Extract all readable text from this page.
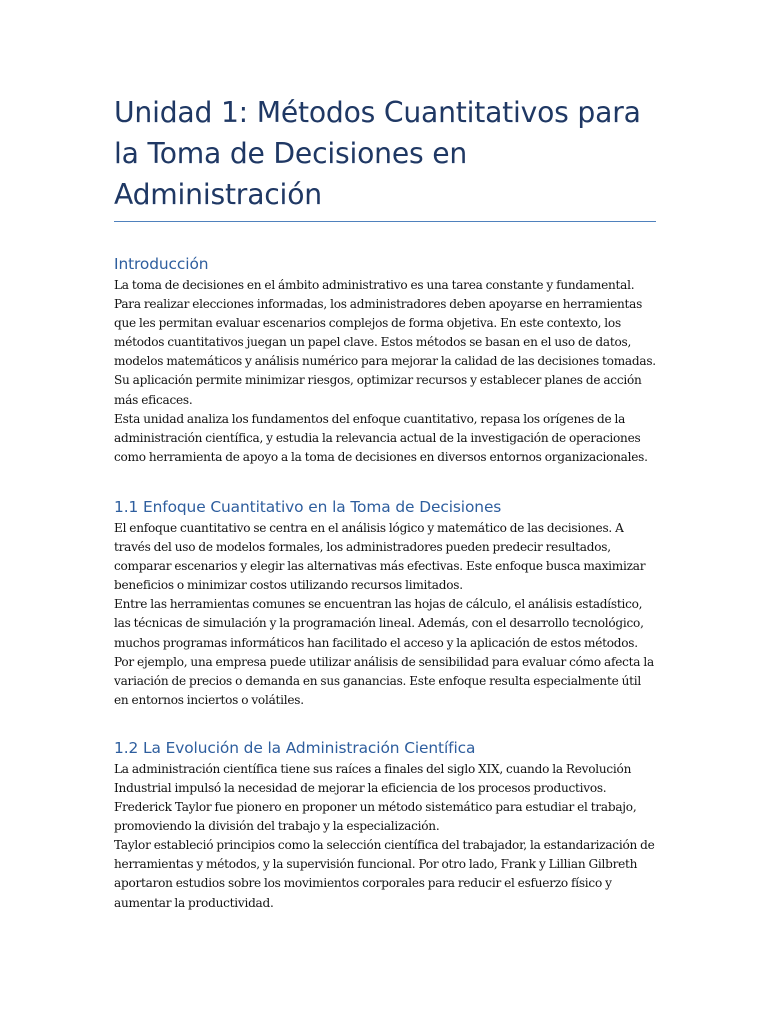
Unidad 1: Métodos Cuantitativos para la Toma de Decisiones en Administración
Introducción

La toma de decisiones en el ámbito administrativo es una tarea constante y fundamental. Para realizar elecciones informadas, los administradores deben apoyarse en herramientas que les permitan evaluar escenarios complejos de forma objetiva. En este contexto, los métodos cuantitativos juegan un papel clave. Estos métodos se basan en el uso de datos, modelos matemáticos y análisis numérico para mejorar la calidad de las decisiones tomadas. Su aplicación permite minimizar riesgos, optimizar recursos y establecer planes de acción más eficaces.

Esta unidad analiza los fundamentos del enfoque cuantitativo, repasa los orígenes de la administración científica, y estudia la relevancia actual de la investigación de operaciones como herramienta de apoyo a la toma de decisiones en diversos entornos organizacionales.

1.1 Enfoque Cuantitativo en la Toma de Decisiones

El enfoque cuantitativo se centra en el análisis lógico y matemático de las decisiones. A través del uso de modelos formales, los administradores pueden predecir resultados, comparar escenarios y elegir las alternativas más efectivas. Este enfoque busca maximizar beneficios o minimizar costos utilizando recursos limitados.

Entre las herramientas comunes se encuentran las hojas de cálculo, el análisis estadístico, las técnicas de simulación y la programación lineal. Además, con el desarrollo tecnológico, muchos programas informáticos han facilitado el acceso y la aplicación de estos métodos. Por ejemplo, una empresa puede utilizar análisis de sensibilidad para evaluar cómo afecta la variación de precios o demanda en sus ganancias. Este enfoque resulta especialmente útil en entornos inciertos o volátiles.

1.2 La Evolución de la Administración Científica

La administración científica tiene sus raíces a finales del siglo XIX, cuando la Revolución Industrial impulsó la necesidad de mejorar la eficiencia de los procesos productivos. Frederick Taylor fue pionero en proponer un método sistemático para estudiar el trabajo, promoviendo la división del trabajo y la especialización.

Taylor estableció principios como la selección científica del trabajador, la estandarización de herramientas y métodos, y la supervisión funcional. Por otro lado, Frank y Lillian Gilbreth aportaron estudios sobre los movimientos corporales para reducir el esfuerzo físico y aumentar la productividad.
